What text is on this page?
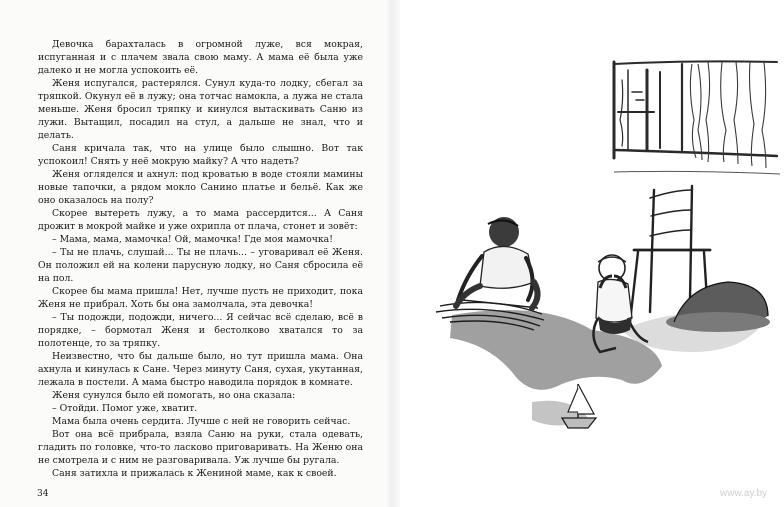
Девочка барахталась в огромной луже, вся мокрая, испуганная и с плачем звала свою маму. А мама её была уже далеко и не могла успокоить её.

Женя испугался, растерялся. Сунул куда-то лодку, сбегал за тряпкой. Окунул её в лужу; она тотчас намокла, а лужа не стала меньше. Женя бросил тряпку и кинулся вытаскивать Саню из лужи. Вытащил, посадил на стул, а дальше не знал, что и делать.

Саня кричала так, что на улице было слышно. Вот так успокоил! Снять у неё мокрую майку? А что надеть?

Женя огляделся и ахнул: под кроватью в воде стояли мамины новые тапочки, а рядом мокло Санино платье и бельё. Как же оно оказалось на полу?

Скорее вытереть лужу, а то мама рассердится... А Саня дрожит в мокрой майке и уже охрипла от плача, стонет и зовёт:

– Мама, мама, мамочка! Ой, мамочка! Где моя мамочка!

– Ты не плачь, слушай... Ты не плачь... – уговаривал её Женя. Он положил ей на колени парусную лодку, но Саня сбросила её на пол.

Скорее бы мама пришла! Нет, лучше пусть не приходит, пока Женя не прибрал. Хоть бы она замолчала, эта девочка!

– Ты подожди, подожди, ничего... Я сейчас всё сделаю, всё в порядке, – бормотал Женя и бестолково хватался то за полотенце, то за тряпку.

Неизвестно, что бы дальше было, но тут пришла мама. Она ахнула и кинулась к Сане. Через минуту Саня, сухая, укутанная, лежала в постели. А мама быстро наводила порядок в комнате.

Женя сунулся было ей помогать, но она сказала:

– Отойди. Помог уже, хватит.

Мама была очень сердита. Лучше с ней не говорить сейчас.

Вот она всё прибрала, взяла Саню на руки, стала одевать, гладить по головке, что-то ласково приговаривать. На Женю она не смотрела и с ним не разговаривала. Уж лучше бы ругала.

Саня затихла и прижалась к Жениной маме, как к своей.

34	www.ay.by
